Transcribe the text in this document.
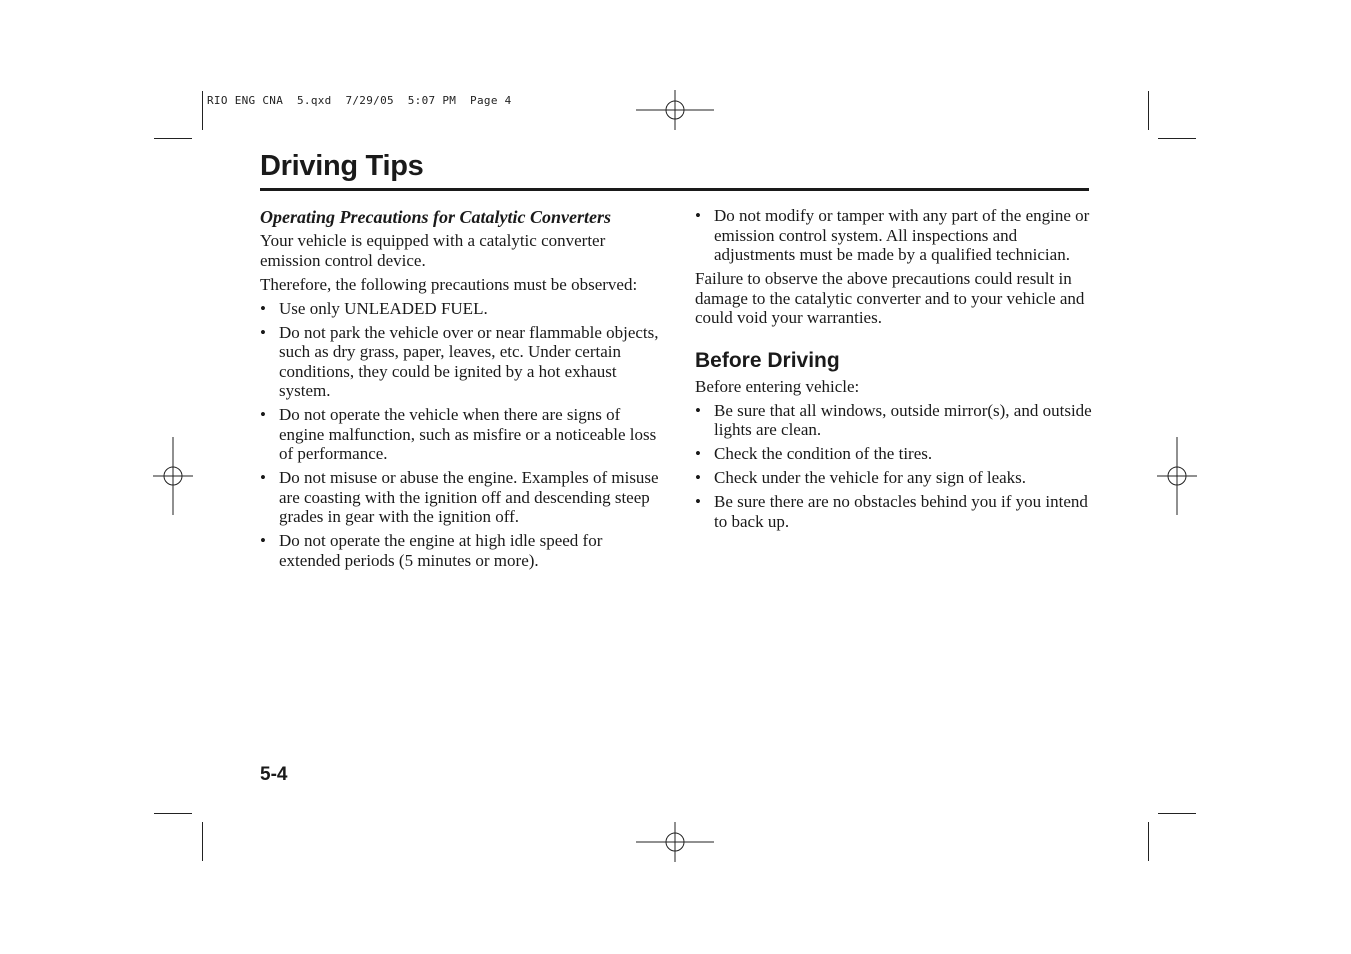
RIO ENG CNA  5.qxd  7/29/05  5:07 PM  Page 4
Driving Tips

Operating Precautions for Catalytic Converters

Your vehicle is equipped with a catalytic converter emission control device.

Therefore, the following precautions must be observed:

• Use only UNLEADED FUEL.
• Do not park the vehicle over or near flammable objects, such as dry grass, paper, leaves, etc. Under certain conditions, they could be ignited by a hot exhaust system.
• Do not operate the vehicle when there are signs of engine malfunction, such as misfire or a noticeable loss of performance.
• Do not misuse or abuse the engine. Examples of misuse are coasting with the ignition off and descending steep grades in gear with the ignition off.
• Do not operate the engine at high idle speed for extended periods (5 minutes or more).
• Do not modify or tamper with any part of the engine or emission control system. All inspections and adjustments must be made by a qualified technician.

Failure to observe the above precautions could result in damage to the catalytic converter and to your vehicle and could void your warranties.

Before Driving

Before entering vehicle:

• Be sure that all windows, outside mirror(s), and outside lights are clean.
• Check the condition of the tires.
• Check under the vehicle for any sign of leaks.
• Be sure there are no obstacles behind you if you intend to back up.
5-4
